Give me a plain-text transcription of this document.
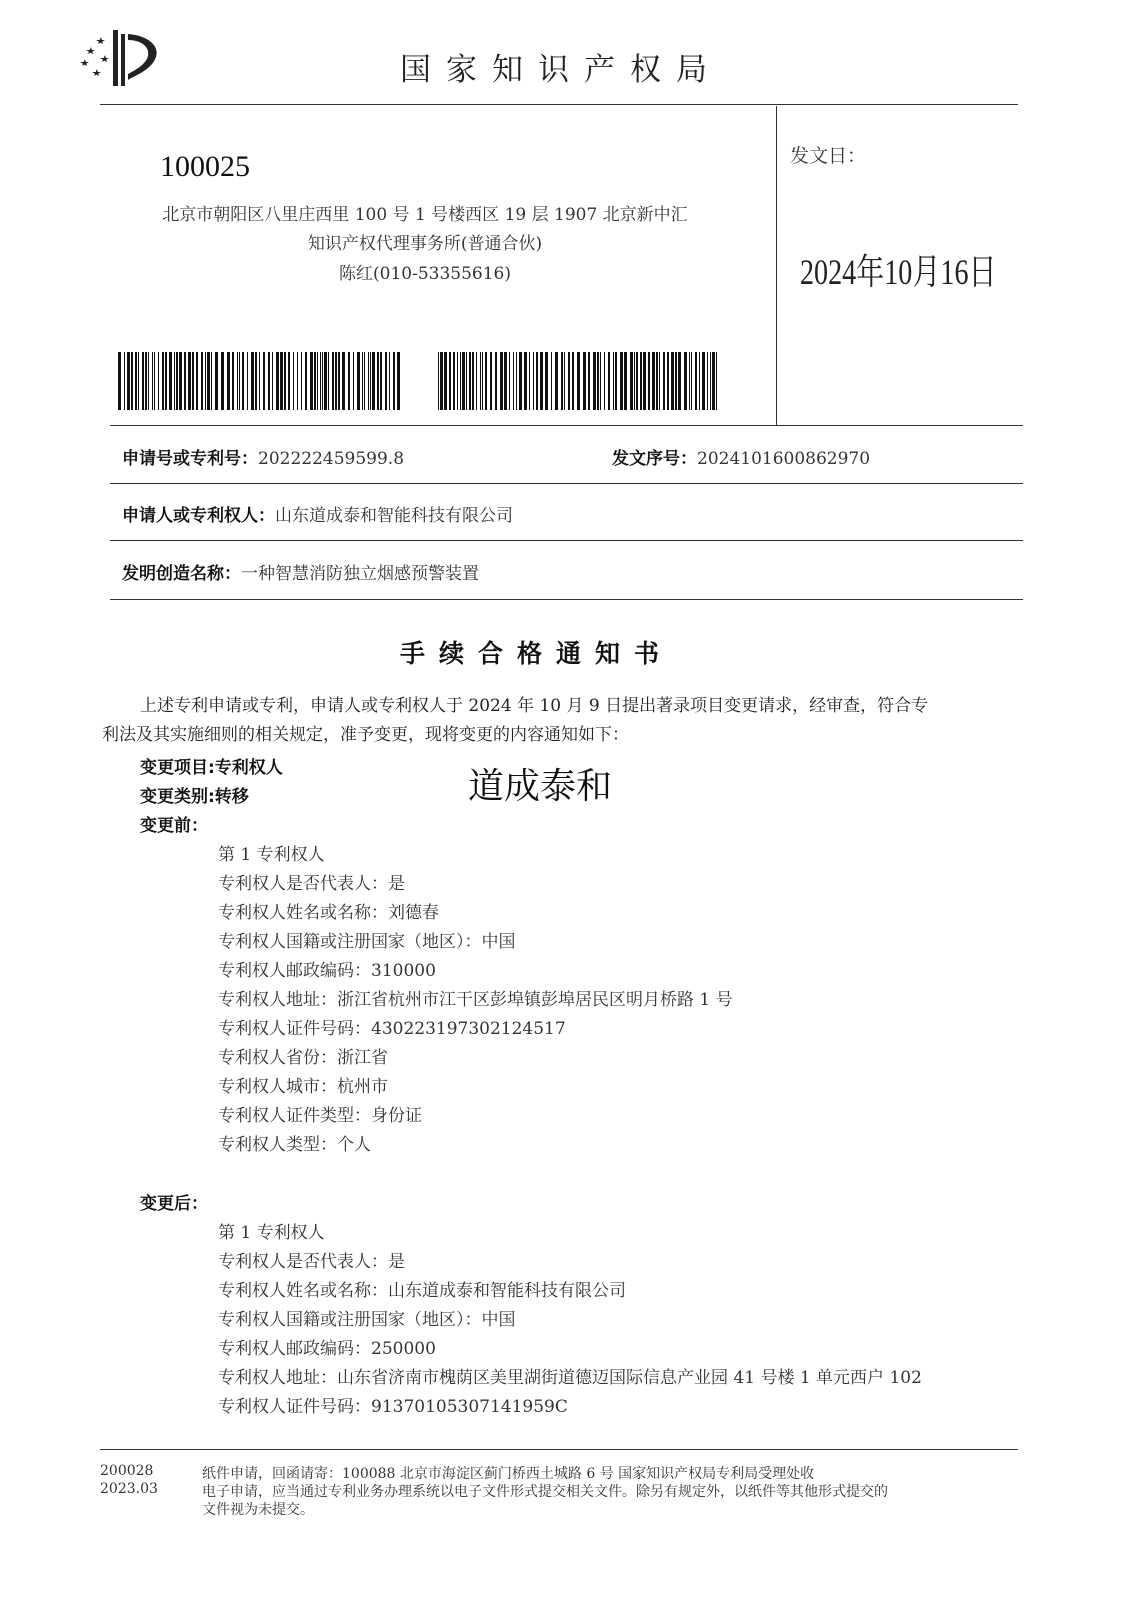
国家知识产权局
100025
北京市朝阳区八里庄西里 100 号 1 号楼西区 19 层 1907 北京新中汇
知识产权代理事务所(普通合伙)
陈红(010-53355616)
发文日：
2024年10月16日
申请号或专利号：202222459599.8	发文序号：2024101600862970
申请人或专利权人：山东道成泰和智能科技有限公司
发明创造名称：一种智慧消防独立烟感预警装置
手续合格通知书
上述专利申请或专利，申请人或专利权人于 2024 年 10 月 9 日提出著录项目变更请求，经审查，符合专
利法及其实施细则的相关规定，准予变更，现将变更的内容通知如下：
变更项目:专利权人
变更类别:转移	道成泰和
变更前：
第 1 专利权人
专利权人是否代表人：是
专利权人姓名或名称：刘德春
专利权人国籍或注册国家（地区）：中国
专利权人邮政编码：310000
专利权人地址：浙江省杭州市江干区彭埠镇彭埠居民区明月桥路 1 号
专利权人证件号码：430223197302124517
专利权人省份：浙江省
专利权人城市：杭州市
专利权人证件类型：身份证
专利权人类型：个人
变更后：
第 1 专利权人
专利权人是否代表人：是
专利权人姓名或名称：山东道成泰和智能科技有限公司
专利权人国籍或注册国家（地区）：中国
专利权人邮政编码：250000
专利权人地址：山东省济南市槐荫区美里湖街道德迈国际信息产业园 41 号楼 1 单元西户 102
专利权人证件号码：91370105307141959C
200028
2023.03
纸件申请，回函请寄：100088 北京市海淀区蓟门桥西土城路 6 号 国家知识产权局专利局受理处收
电子申请，应当通过专利业务办理系统以电子文件形式提交相关文件。除另有规定外，以纸件等其他形式提交的
文件视为未提交。
